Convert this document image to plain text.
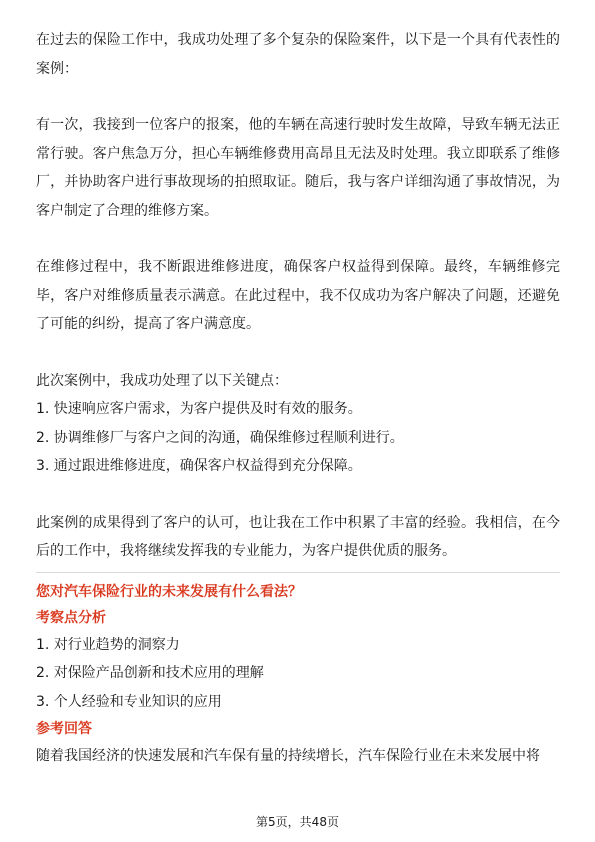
在过去的保险工作中，我成功处理了多个复杂的保险案件，以下是一个具有代表性的案例：

有一次，我接到一位客户的报案，他的车辆在高速行驶时发生故障，导致车辆无法正常行驶。客户焦急万分，担心车辆维修费用高昂且无法及时处理。我立即联系了维修厂，并协助客户进行事故现场的拍照取证。随后，我与客户详细沟通了事故情况，为客户制定了合理的维修方案。

在维修过程中，我不断跟进维修进度，确保客户权益得到保障。最终，车辆维修完毕，客户对维修质量表示满意。在此过程中，我不仅成功为客户解决了问题，还避免了可能的纠纷，提高了客户满意度。

此次案例中，我成功处理了以下关键点：

1. 快速响应客户需求，为客户提供及时有效的服务。

2. 协调维修厂与客户之间的沟通，确保维修过程顺利进行。

3. 通过跟进维修进度，确保客户权益得到充分保障。

此案例的成果得到了客户的认可，也让我在工作中积累了丰富的经验。我相信，在今后的工作中，我将继续发挥我的专业能力，为客户提供优质的服务。

您对汽车保险行业的未来发展有什么看法？

考察点分析

1. 对行业趋势的洞察力

2. 对保险产品创新和技术应用的理解

3. 个人经验和专业知识的应用

参考回答

随着我国经济的快速发展和汽车保有量的持续增长，汽车保险行业在未来发展中将

第5页，共48页
